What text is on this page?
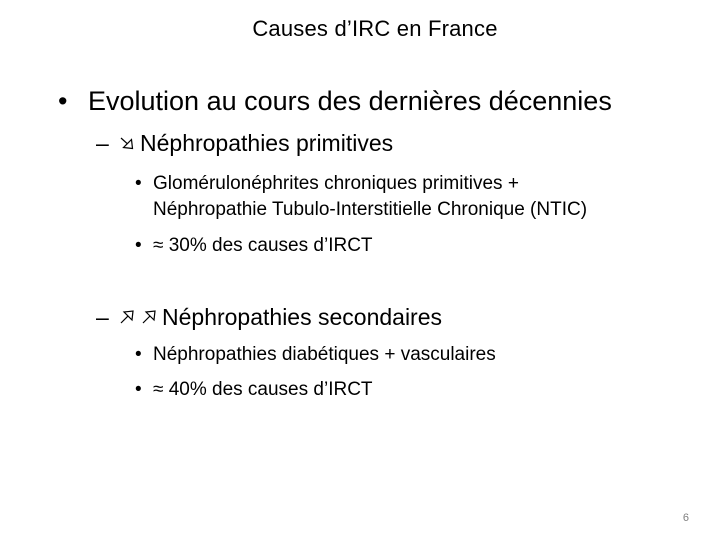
Causes d’IRC en France
• Evolution au cours des dernières décennies
– Néphropathies primitives
• Glomérulonéphrites chroniques primitives +
Néphropathie Tubulo-Interstitielle Chronique (NTIC)
• ≈ 30% des causes d’IRCT
– Néphropathies secondaires
• Néphropathies diabétiques + vasculaires
• ≈ 40% des causes d’IRCT
6
